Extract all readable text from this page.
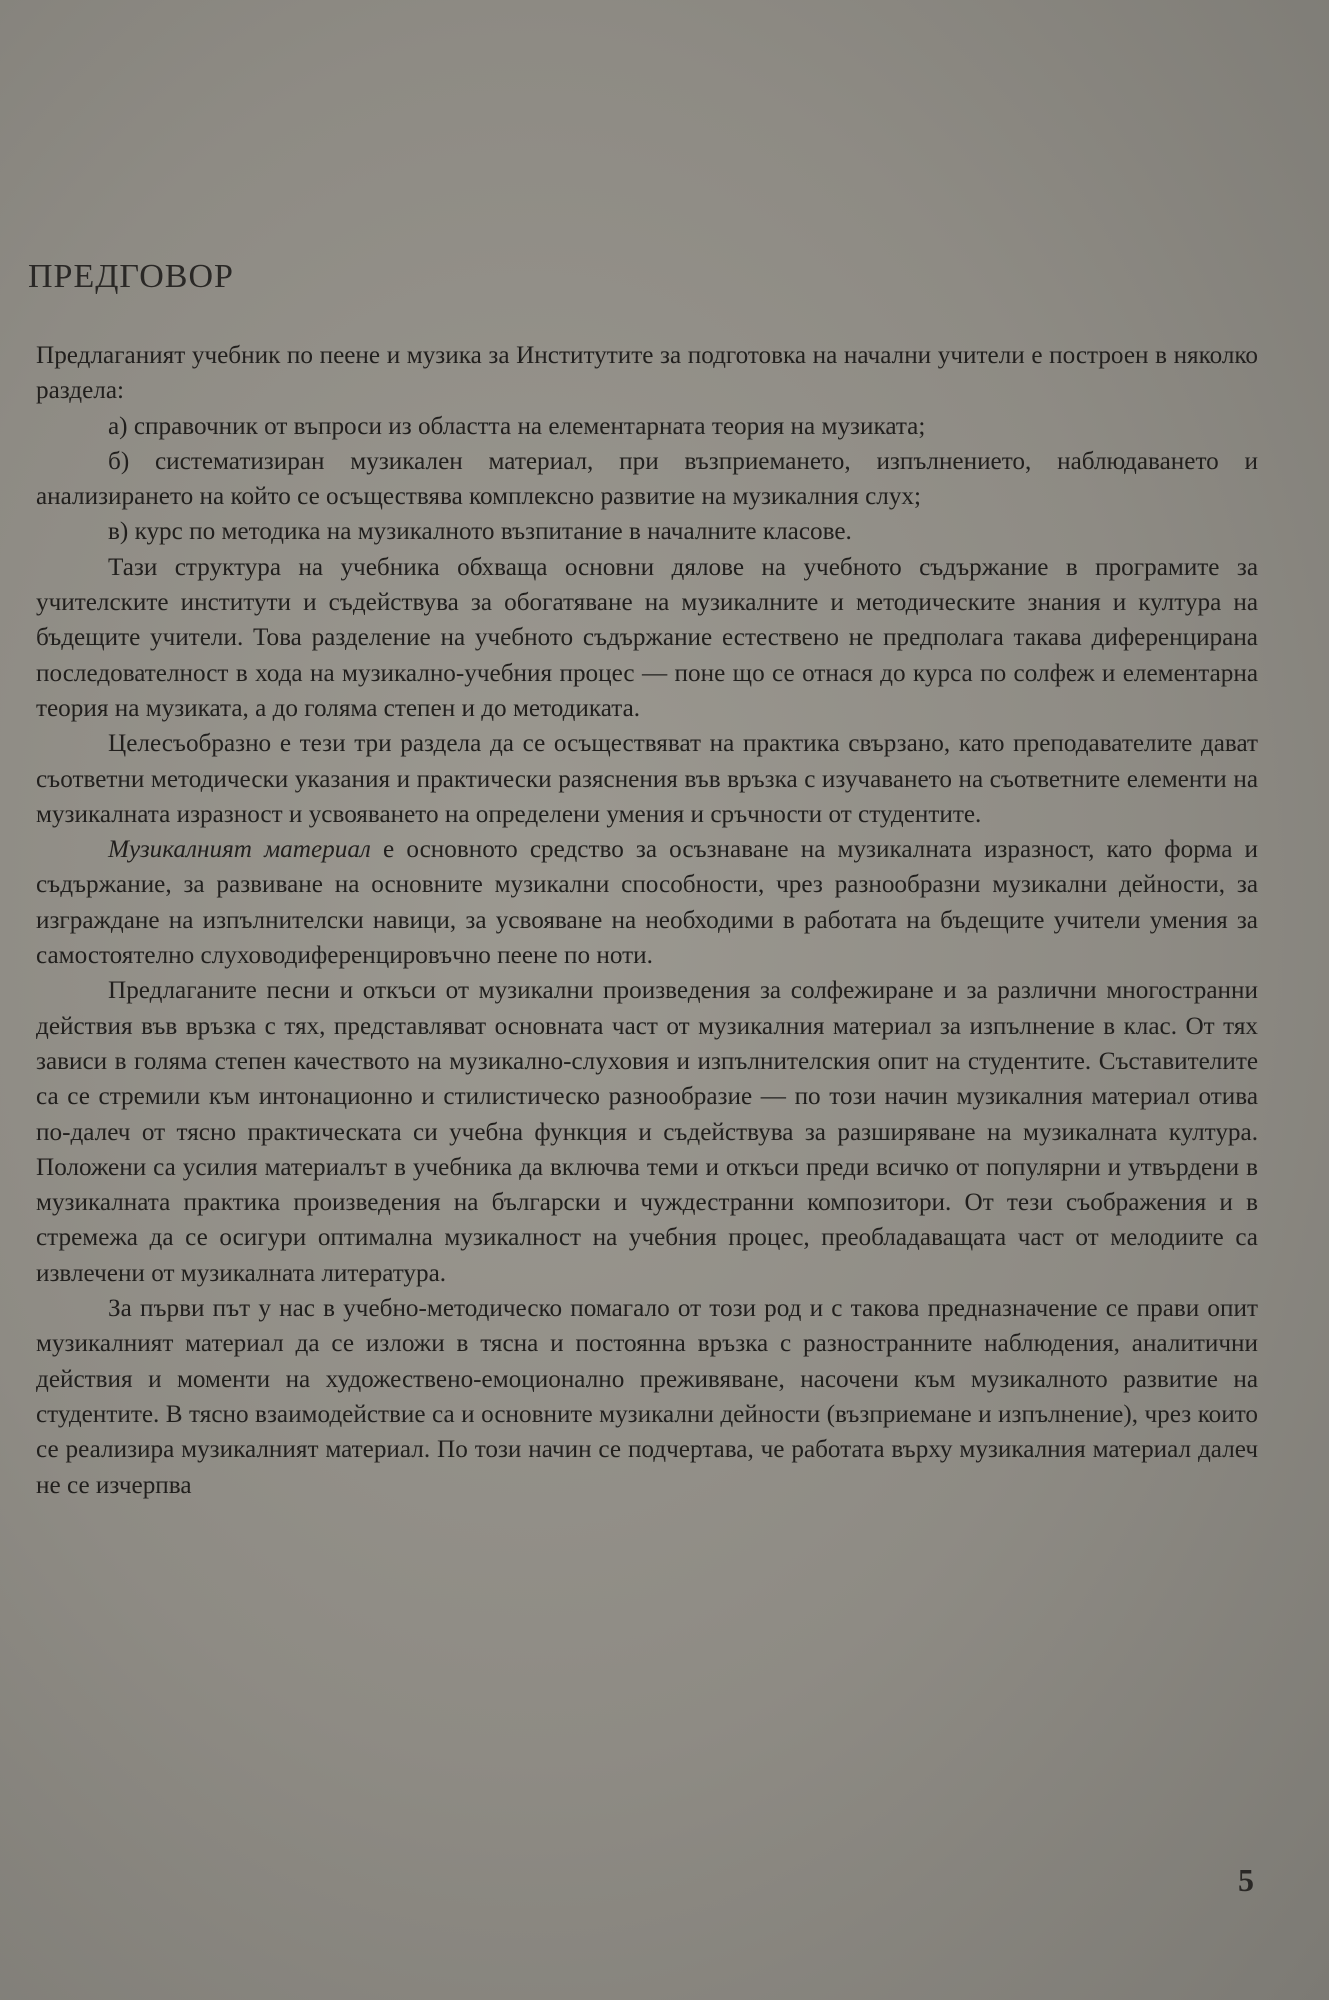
ПРЕДГОВОР

Предлаганият учебник по пеене и музика за Институтите за подготовка на начални учители е построен в няколко раздела:

а) справочник от въпроси из областта на елементарната теория на музиката;

б) систематизиран музикален материал, при възприемането, изпълнението, наблюдаването и анализирането на който се осъществява комплексно развитие на музикалния слух;

в) курс по методика на музикалното възпитание в началните класове.

Тази структура на учебника обхваща основни дялове на учебното съдържание в програмите за учителските институти и съдействува за обогатяване на музикалните и методическите знания и култура на бъдещите учители. Това разделение на учебното съдържание естествено не предполага такава диференцирана последователност в хода на музикално-учебния процес — поне що се отнася до курса по солфеж и елементарна теория на музиката, а до голяма степен и до методиката.

Целесъобразно е тези три раздела да се осъществяват на практика свързано, като преподавателите дават съответни методически указания и практически разяснения във връзка с изучаването на съответните елементи на музикалната изразност и усвояването на определени умения и сръчности от студентите.

Музикалният материал е основното средство за осъзнаване на музикалната изразност, като форма и съдържание, за развиване на основните музикални способности, чрез разнообразни музикални дейности, за изграждане на изпълнителски навици, за усвояване на необходими в работата на бъдещите учители умения за самостоятелно слуховодиференцировъчно пеене по ноти.

Предлаганите песни и откъси от музикални произведения за солфежиране и за различни многостранни действия във връзка с тях, представляват основната част от музикалния материал за изпълнение в клас. От тях зависи в голяма степен качеството на музикално-слуховия и изпълнителския опит на студентите. Съставителите са се стремили към интонационно и стилистическо разнообразие — по този начин музикалния материал отива по-далеч от тясно практическата си учебна функция и съдействува за разширяване на музикалната култура. Положени са усилия материалът в учебника да включва теми и откъси преди всичко от популярни и утвърдени в музикалната практика произведения на български и чуждестранни композитори. От тези съображения и в стремежа да се осигури оптимална музикалност на учебния процес, преобладаващата част от мелодиите са извлечени от музикалната литература.

За първи път у нас в учебно-методическо помагало от този род и с такова предназначение се прави опит музикалният материал да се изложи в тясна и постоянна връзка с разностранните наблюдения, аналитични действия и моменти на художествено-емоционално преживяване, насочени към музикалното развитие на студентите. В тясно взаимодействие са и основните музикални дейности (възприемане и изпълнение), чрез които се реализира музикалният материал. По този начин се подчертава, че работата върху музикалния материал далеч не се изчерпва

5
